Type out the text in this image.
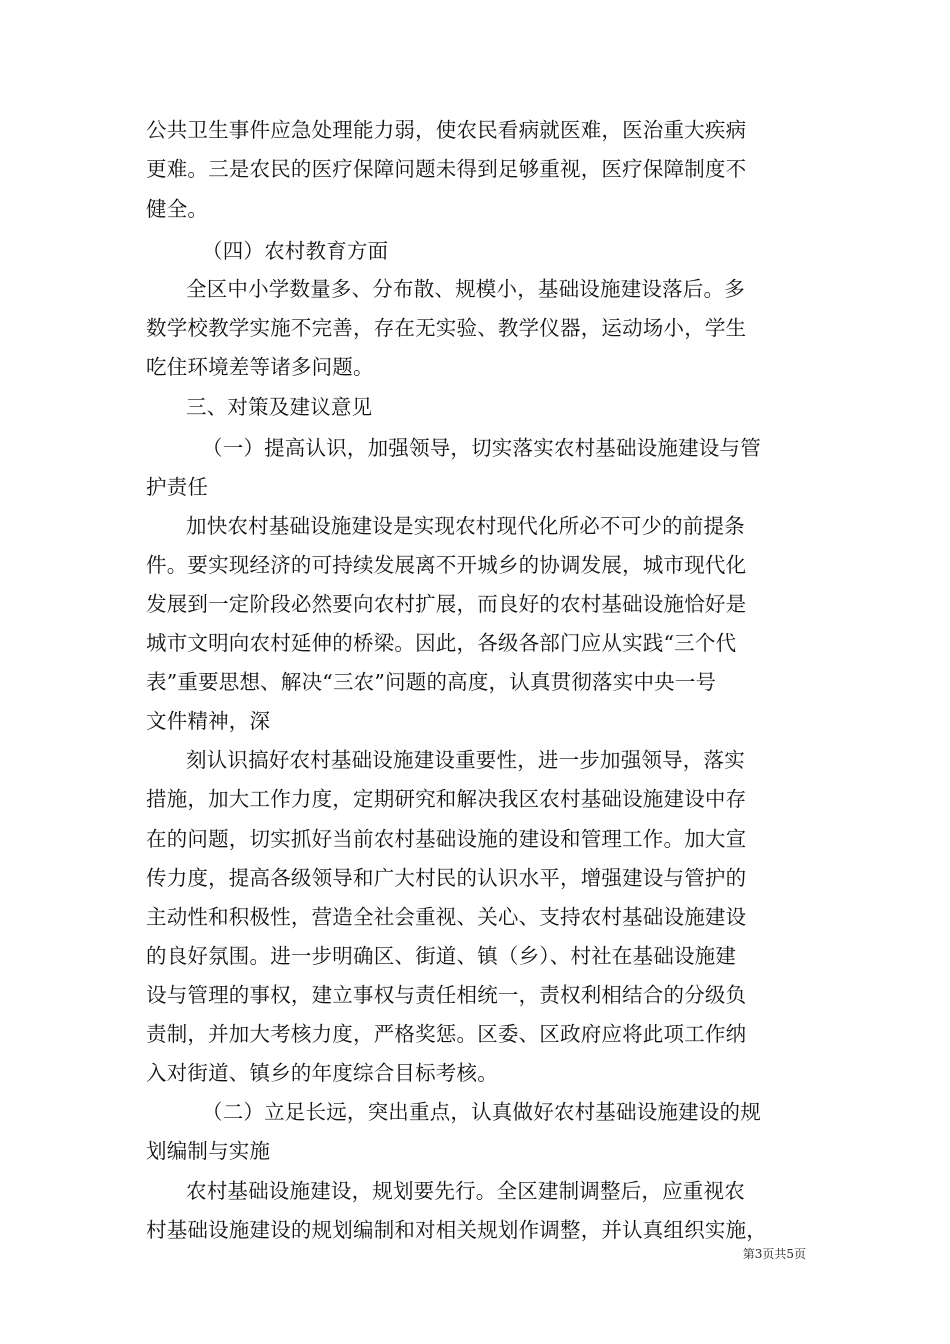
公共卫生事件应急处理能力弱，使农民看病就医难，医治重大疾病
更难。三是农民的医疗保障问题未得到足够重视，医疗保障制度不
健全。
（四）农村教育方面
全区中小学数量多、分布散、规模小，基础设施建设落后。多
数学校教学实施不完善，存在无实验、教学仪器，运动场小，学生
吃住环境差等诸多问题。
三、对策及建议意见
（一）提高认识，加强领导，切实落实农村基础设施建设与管
护责任
加快农村基础设施建设是实现农村现代化所必不可少的前提条
件。要实现经济的可持续发展离不开城乡的协调发展，城市现代化
发展到一定阶段必然要向农村扩展，而良好的农村基础设施恰好是
城市文明向农村延伸的桥梁。因此，各级各部门应从实践“三个代
表”重要思想、解决“三农”问题的高度，认真贯彻落实中央一号
文件精神，深
刻认识搞好农村基础设施建设重要性，进一步加强领导，落实
措施，加大工作力度，定期研究和解决我区农村基础设施建设中存
在的问题，切实抓好当前农村基础设施的建设和管理工作。加大宣
传力度，提高各级领导和广大村民的认识水平，增强建设与管护的
主动性和积极性，营造全社会重视、关心、支持农村基础设施建设
的良好氛围。进一步明确区、街道、镇（乡）、村社在基础设施建
设与管理的事权，建立事权与责任相统一，责权利相结合的分级负
责制，并加大考核力度，严格奖惩。区委、区政府应将此项工作纳
入对街道、镇乡的年度综合目标考核。
（二）立足长远，突出重点，认真做好农村基础设施建设的规
划编制与实施
农村基础设施建设，规划要先行。全区建制调整后，应重视农
村基础设施建设的规划编制和对相关规划作调整，并认真组织实施，
第3页共5页
